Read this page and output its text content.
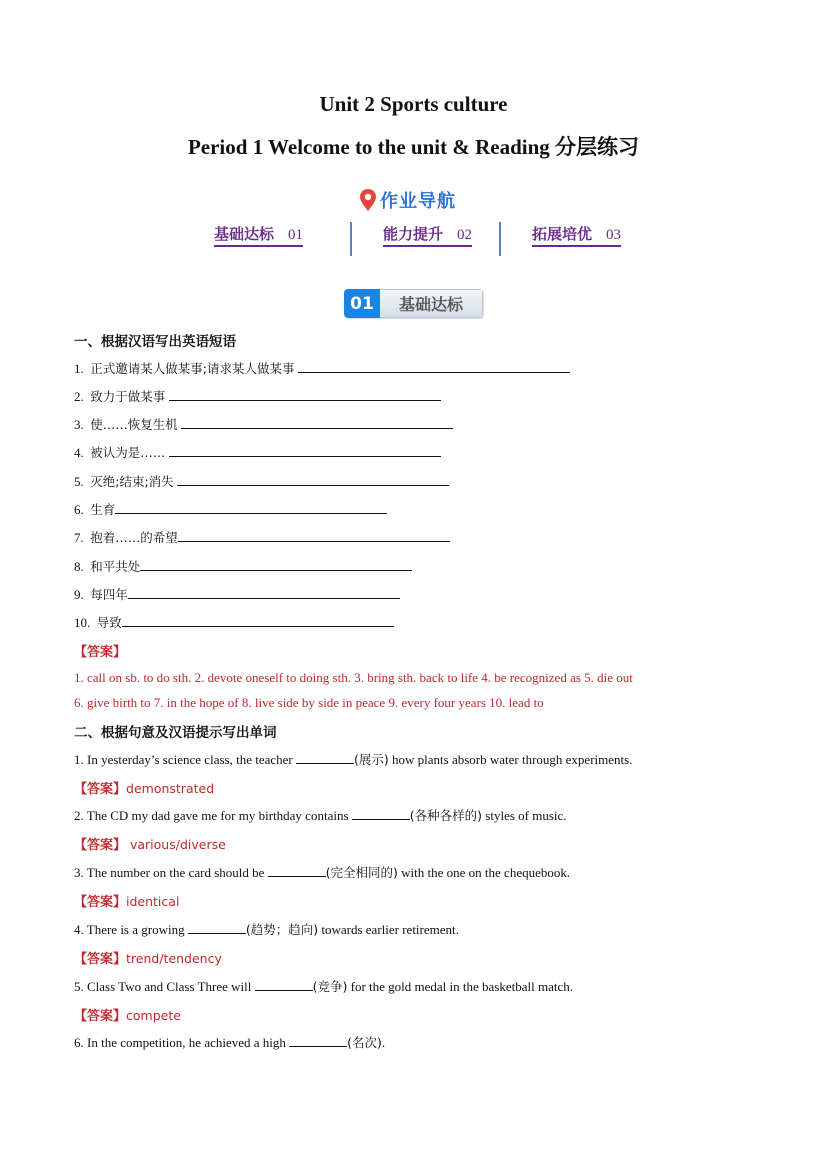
Unit 2 Sports culture
Period 1 Welcome to the unit & Reading 分层练习
作业导航
基础达标 01	能力提升 02	拓展培优 03
01	基础达标
一、根据汉语写出英语短语
1. 正式邀请某人做某事;请求某人做某事
2. 致力于做某事
3. 使……恢复生机
4. 被认为是……
5. 灭绝;结束;消失
6. 生育
7. 抱着……的希望
8. 和平共处
9. 每四年
10. 导致
【答案】
1. call on sb. to do sth. 2. devote oneself to doing sth. 3. bring sth. back to life 4. be recognized as 5. die out
6. give birth to 7. in the hope of 8. live side by side in peace 9. every four years 10. lead to
二、根据句意及汉语提示写出单词
1. In yesterday’s science class, the teacher	(展示) how plants absorb water through experiments.
【答案】demonstrated
2. The CD my dad gave me for my birthday contains	(各种各样的) styles of music.
【答案】 various/diverse
3. The number on the card should be	(完全相同的) with the one on the chequebook.
【答案】identical
4. There is a growing	(趋势；趋向) towards earlier retirement.
【答案】trend/tendency
5. Class Two and Class Three will	(竞争) for the gold medal in the basketball match.
【答案】compete
6. In the competition, he achieved a high	(名次).
